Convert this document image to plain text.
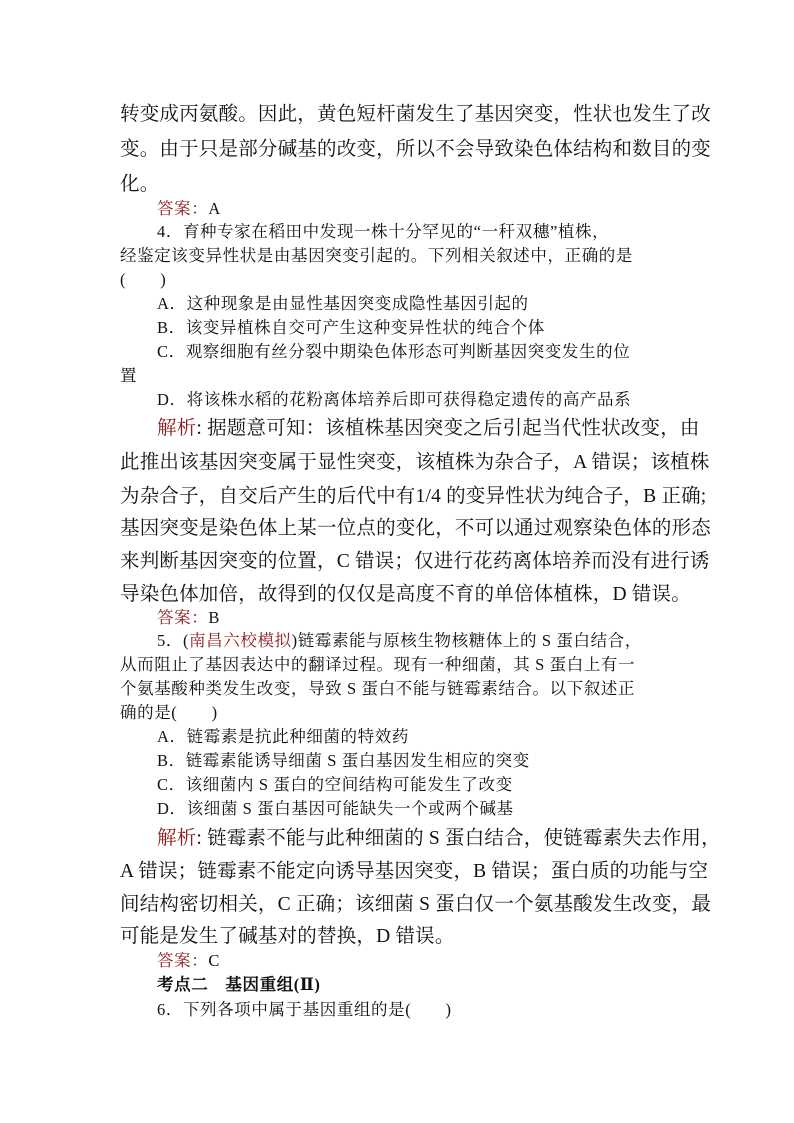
转变成丙氨酸。因此，黄色短杆菌发生了基因突变，性状也发生了改
变。由于只是部分碱基的改变，所以不会导致染色体结构和数目的变
化。
答案：A
4．育种专家在稻田中发现一株十分罕见的“一秆双穗”植株，
经鉴定该变异性状是由基因突变引起的。下列相关叙述中，正确的是
(　　)
A．这种现象是由显性基因突变成隐性基因引起的
B．该变异植株自交可产生这种变异性状的纯合个体
C．观察细胞有丝分裂中期染色体形态可判断基因突变发生的位
置
D．将该株水稻的花粉离体培养后即可获得稳定遗传的高产品系
解析: 据题意可知：该植株基因突变之后引起当代性状改变，由
此推出该基因突变属于显性突变，该植株为杂合子，A 错误；该植株
为杂合子，自交后产生的后代中有1/4 的变异性状为纯合子，B 正确;
基因突变是染色体上某一位点的变化，不可以通过观察染色体的形态
来判断基因突变的位置，C 错误；仅进行花药离体培养而没有进行诱
导染色体加倍，故得到的仅仅是高度不育的单倍体植株，D 错误。
答案：B
5．(南昌六校模拟)链霉素能与原核生物核糖体上的 S 蛋白结合，
从而阻止了基因表达中的翻译过程。现有一种细菌，其 S 蛋白上有一
个氨基酸种类发生改变，导致 S 蛋白不能与链霉素结合。以下叙述正
确的是(　　)
A．链霉素是抗此种细菌的特效药
B．链霉素能诱导细菌 S 蛋白基因发生相应的突变
C．该细菌内 S 蛋白的空间结构可能发生了改变
D．该细菌 S 蛋白基因可能缺失一个或两个碱基
解析: 链霉素不能与此种细菌的 S 蛋白结合，使链霉素失去作用，
A 错误；链霉素不能定向诱导基因突变，B 错误；蛋白质的功能与空
间结构密切相关，C 正确；该细菌 S 蛋白仅一个氨基酸发生改变，最
可能是发生了碱基对的替换，D 错误。
答案：C
考点二　基因重组(Ⅱ)
6．下列各项中属于基因重组的是(　　)
